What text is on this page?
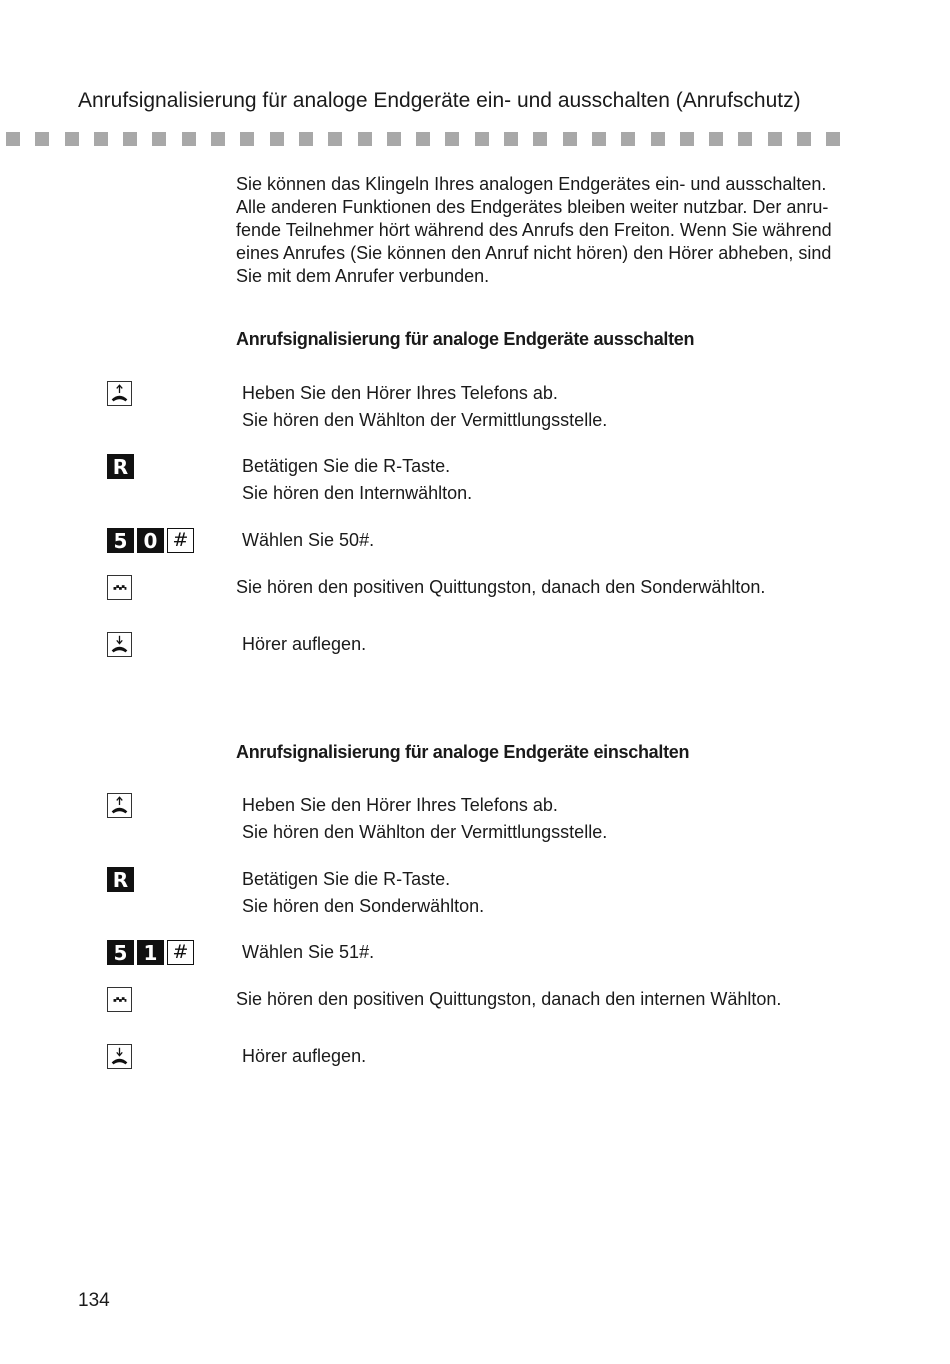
Anrufsignalisierung für analoge Endgeräte ein- und ausschalten (Anrufschutz)

Sie können das Klingeln Ihres analogen Endgerätes ein- und ausschalten.

Alle anderen Funktionen des Endgerätes bleiben weiter nutzbar. Der anru-

fende Teilnehmer hört während des Anrufs den Freiton. Wenn Sie während

eines Anrufes (Sie können den Anruf nicht hören) den Hörer abheben, sind

Sie mit dem Anrufer verbunden.

Anrufsignalisierung für analoge Endgeräte ausschalten
Heben Sie den Hörer Ihres Telefons ab.
Sie hören den Wählton der Vermittlungsstelle.
R	Betätigen Sie die R-Taste.
Sie hören den Internwählton.
5 0 #	Wählen Sie 50#.
Sie hören den positiven Quittungston, danach den Sonderwählton.
Hörer auflegen.
Anrufsignalisierung für analoge Endgeräte einschalten
Heben Sie den Hörer Ihres Telefons ab.
Sie hören den Wählton der Vermittlungsstelle.
R	Betätigen Sie die R-Taste.
Sie hören den Sonderwählton.
5 1 #	Wählen Sie 51#.
Sie hören den positiven Quittungston, danach den internen Wählton.
Hörer auflegen.
134
